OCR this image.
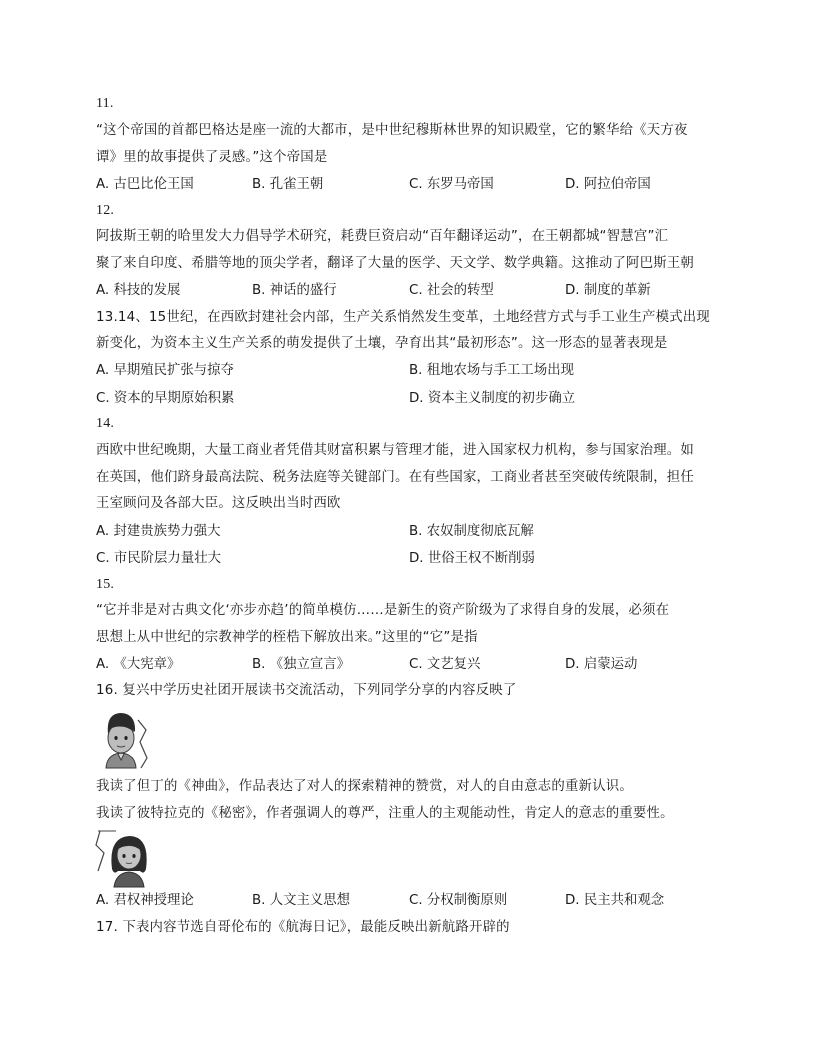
11.
“这个帝国的首都巴格达是座一流的大都市，是中世纪穆斯林世界的知识殿堂，它的繁华给《天方夜
谭》里的故事提供了灵感。”这个帝国是
A. 古巴比伦王国	B. 孔雀王朝	C. 东罗马帝国	D. 阿拉伯帝国
12.
阿拔斯王朝的哈里发大力倡导学术研究，耗费巨资启动“百年翻译运动”，在王朝都城“智慧宫”汇
聚了来自印度、希腊等地的顶尖学者，翻译了大量的医学、天文学、数学典籍。这推动了阿巴斯王朝
A. 科技的发展	B. 神话的盛行	C. 社会的转型	D. 制度的革新
13.14、15世纪，在西欧封建社会内部，生产关系悄然发生变革，土地经营方式与手工业生产模式出现
新变化，为资本主义生产关系的萌发提供了土壤，孕育出其“最初形态”。这一形态的显著表现是
A. 早期殖民扩张与掠夺	B. 租地农场与手工工场出现
C. 资本的早期原始积累	D. 资本主义制度的初步确立
14.
西欧中世纪晚期，大量工商业者凭借其财富积累与管理才能，进入国家权力机构，参与国家治理。如
在英国，他们跻身最高法院、税务法庭等关键部门。在有些国家，工商业者甚至突破传统限制，担任
王室顾问及各部大臣。这反映出当时西欧
A. 封建贵族势力强大	B. 农奴制度彻底瓦解
C. 市民阶层力量壮大	D. 世俗王权不断削弱
15.
“它并非是对古典文化‘亦步亦趋’的简单模仿……是新生的资产阶级为了求得自身的发展，必须在
思想上从中世纪的宗教神学的桎梏下解放出来。”这里的“它”是指
A. 《大宪章》	B. 《独立宣言》	C. 文艺复兴	D. 启蒙运动
16. 复兴中学历史社团开展读书交流活动，下列同学分享的内容反映了
我读了但丁的《神曲》，作品表达了对人的探索精神的赞赏，对人的自由意志的重新认识。
我读了彼特拉克的《秘密》，作者强调人的尊严，注重人的主观能动性，肯定人的意志的重要性。
A. 君权神授理论	B. 人文主义思想	C. 分权制衡原则	D. 民主共和观念
17. 下表内容节选自哥伦布的《航海日记》，最能反映出新航路开辟的
